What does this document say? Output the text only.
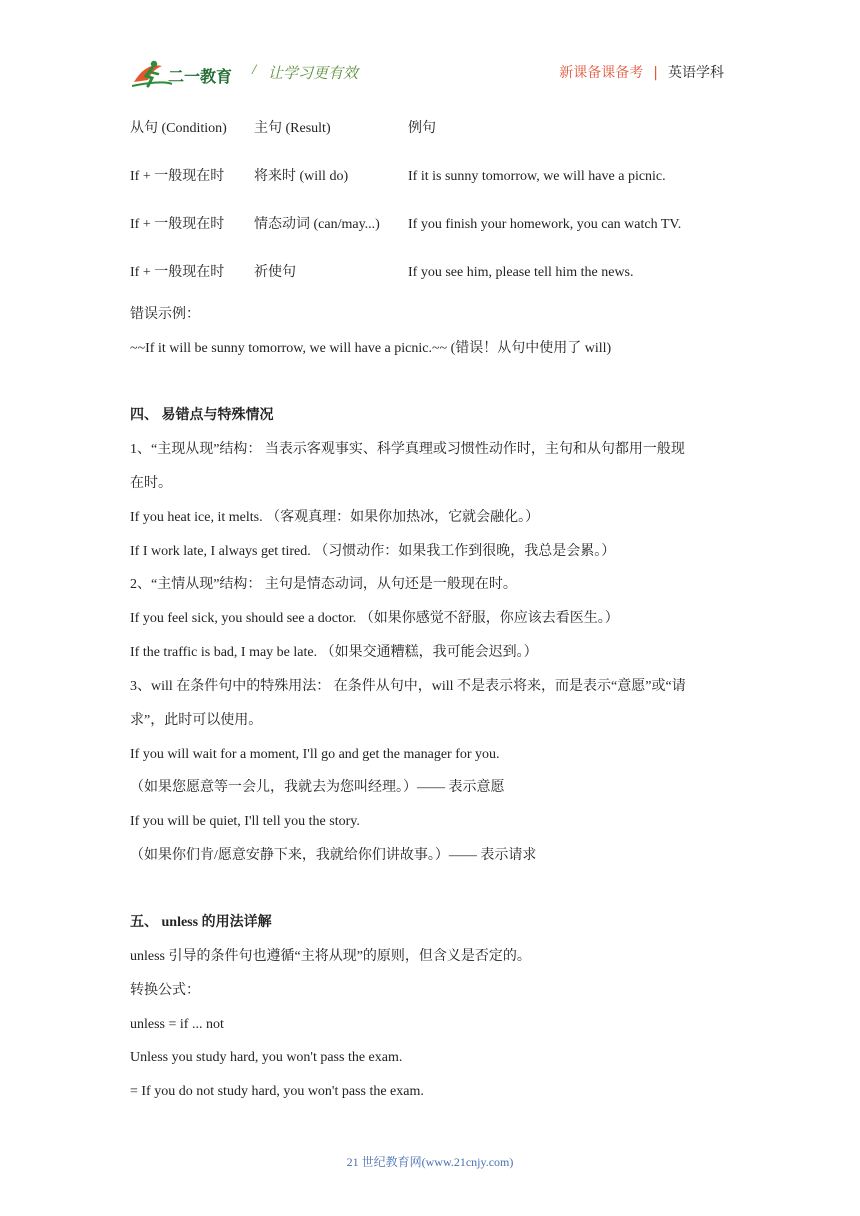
二一教育 / 让学习更有效	新课备课备考 | 英语学科
从句 (Condition) 主句 (Result)	例句
If + 一般现在时 将来时 (will do)	If it is sunny tomorrow, we will have a picnic.
If + 一般现在时 情态动词 (can/may...) If you finish your homework, you can watch TV.
If + 一般现在时 祈使句	If you see him, please tell him the news.
错误示例：
~~If it will be sunny tomorrow, we will have a picnic.~~ (错误！从句中使用了 will)
四、 易错点与特殊情况
1、“主现从现”结构： 当表示客观事实、科学真理或习惯性动作时，主句和从句都用一般现
在时。
If you heat ice, it melts. （客观真理：如果你加热冰，它就会融化。）
If I work late, I always get tired. （习惯动作：如果我工作到很晚，我总是会累。）
2、“主情从现”结构： 主句是情态动词，从句还是一般现在时。
If you feel sick, you should see a doctor. （如果你感觉不舒服，你应该去看医生。）
If the traffic is bad, I may be late. （如果交通糟糕，我可能会迟到。）
3、will 在条件句中的特殊用法： 在条件从句中，will 不是表示将来，而是表示“意愿”或“请
求”，此时可以使用。
If you will wait for a moment, I'll go and get the manager for you.
（如果您愿意等一会儿，我就去为您叫经理。）—— 表示意愿
If you will be quiet, I'll tell you the story.
（如果你们肯/愿意安静下来，我就给你们讲故事。）—— 表示请求
五、 unless 的用法详解
unless 引导的条件句也遵循“主将从现”的原则，但含义是否定的。
转换公式：
unless = if ... not
Unless you study hard, you won't pass the exam.
= If you do not study hard, you won't pass the exam.
21 世纪教育网(www.21cnjy.com)
